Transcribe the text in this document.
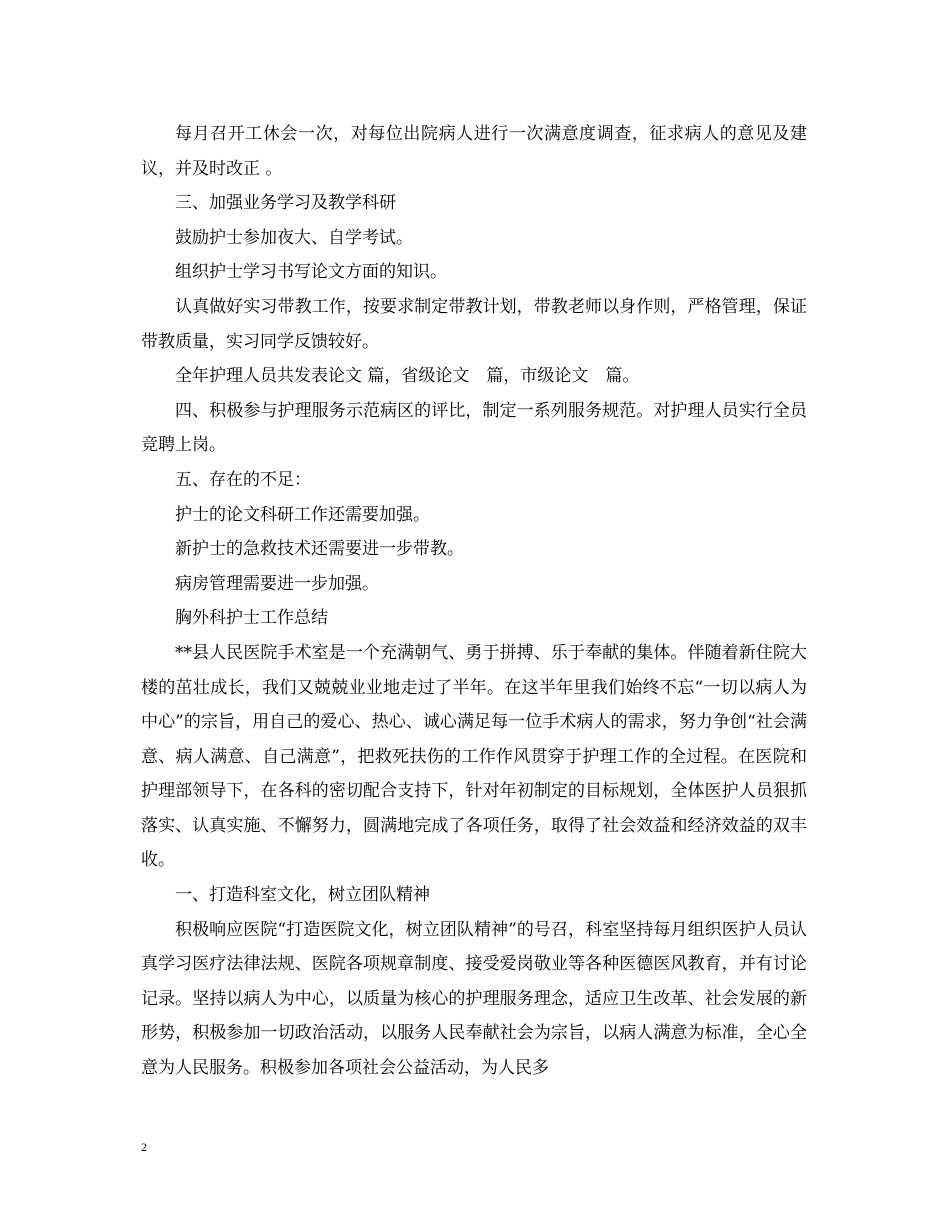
每月召开工休会一次，对每位出院病人进行一次满意度调查，征求病人的意见及建议，并及时改正 。

三、加强业务学习及教学科研

鼓励护士参加夜大、自学考试。

组织护士学习书写论文方面的知识。

认真做好实习带教工作，按要求制定带教计划，带教老师以身作则，严格管理，保证带教质量，实习同学反馈较好。

全年护理人员共发表论文 篇，省级论文　篇，市级论文　篇。

四、积极参与护理服务示范病区的评比，制定一系列服务规范。对护理人员实行全员竞聘上岗。

五、存在的不足：

护士的论文科研工作还需要加强。

新护士的急救技术还需要进一步带教。

病房管理需要进一步加强。

胸外科护士工作总结

**县人民医院手术室是一个充满朝气、勇于拼搏、乐于奉献的集体。伴随着新住院大楼的茁壮成长，我们又兢兢业业地走过了半年。在这半年里我们始终不忘“一切以病人为中心”的宗旨，用自己的爱心、热心、诚心满足每一位手术病人的需求，努力争创“社会满意、病人满意、自己满意”，把救死扶伤的工作作风贯穿于护理工作的全过程。在医院和护理部领导下，在各科的密切配合支持下，针对年初制定的目标规划，全体医护人员狠抓落实、认真实施、不懈努力，圆满地完成了各项任务，取得了社会效益和经济效益的双丰收。

一、打造科室文化，树立团队精神

积极响应医院“打造医院文化，树立团队精神”的号召，科室坚持每月组织医护人员认真学习医疗法律法规、医院各项规章制度、接受爱岗敬业等各种医德医风教育，并有讨论记录。坚持以病人为中心，以质量为核心的护理服务理念，适应卫生改革、社会发展的新形势，积极参加一切政治活动，以服务人民奉献社会为宗旨，以病人满意为标准，全心全意为人民服务。积极参加各项社会公益活动，为人民多

2
